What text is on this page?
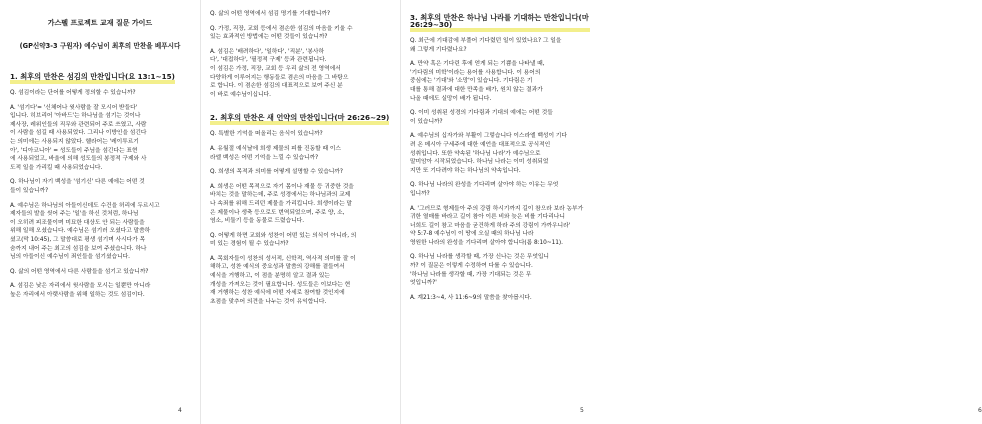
가스펠 프로젝트 교재 질문 가이드
(GP신약3-3 구원자) 예수님이 최후의 만찬을 베푸시다
1. 최후의 만찬은 섬김의 만찬입니다(요 13:1~15)
Q. 섬김이라는 단어를 어떻게 정의할 수 있습니까?
A. '섬기다'= '신체어나 윗사람을 잘 모시어 받들다'
입니다. 히브리어 '아바드'는 하나님을 섬기는 것이나
제사장, 레위인들의 직무와 관련되어 주로 쓰였고, 사람
이 사람을 섬길 때 사용되었다. 그리나 이방인을 섬긴다
는 의미에는 사용되지 않았다. 헬라어는 '레이투르기
아', '디아코니아' = 성도들이 주님을 섬긴다는 표현
에 사용되었고, 바울에 의해 성도들의 봉정적 구제와 사
도적 일을 가리킬 때 사용되었습니다.
Q. 하나님이 자기 백성을 '섬기신' 다른 예에는 어떤 것
들이 있습니까?
A. 예수님은 하나님의 아들이신데도 수건을 허리에 두르시고
제자들의 발을 씻어 주는 '일'을 하신 것처럼, 하나님
이 오히려 피조물이며 미묘한 대상도 안 되는 사람들을
위해 일해 오셨습니다. 예수님은 섬기러 오셨다고 말씀하
셨고(막 10:45), 그 말씀대로 평생 섬기며 사시다가 목
숨까지 내어 주는 최고의 섬김을 보여 주셨습니다. 하나
님의 아들이신 예수님이 죄인들을 섬기셨습니다.
Q. 삶의 어떤 영역에서 다른 사람들을 섬기고 있습니까?
A. 섬김은 낮은 자리에서 윗사람을 모시는 일뿐만 아니라
높은 자리에서 아랫사람을 위해 일하는 것도 섬김이다.
4
Q. 삶의 어떤 영역에서 섬김 명기를 기대합니까?
Q. 가정, 직장, 교회 등에서 겸손한 섬김의 마음을 키울 수
있는 효과적인 방법에는 어떤 것들이 있습니까?
A. 섬김은 '배려하다', '일하다', '직분', '봉사하
다', '대접하다', '필정적 구제' 등과 관련됩니다.
이 섬김은 가정, 직장, 교회 등 우리 삶의 전 영역에서
다양하게 이루어지는 행동들로 겸손의 마음을 그 바탕으
로 합니다. 이 겸손한 섬김의 대표적으로 보여 주신 분
이 바로 예수님이십니다.
2. 최후의 만찬은 새 언약의 만찬입니다(마 26:26~29)
Q. 특별한 기억을 떠올리는 음식이 있습니까?
A. 유월절 예식날에 희생 제물의 피를 진동할 때 이스
라엘 백성은 어떤 기억을 느낄 수 있습니까?
Q. 희생의 목적과 의미를 어떻게 설명할 수 있습니까?
A. 희생은 어떤 목적으로 자기 몸이나 재물 등 귀중한 것을
바치는 것을 말하는데, 주로 성경에서는 하나님과의 교제
나 속죄를 위해 드리던 제물을 가리킵니다. 희생이라는 말
은 제물이나 생축 등으로도 번역되었으며, 주로 양, 소,
염소, 비둘기 등을 동물로 드렸습니다.
Q. 어떻게 하면 교회와 성찬이 어떤 있는 의식이 아니라, 의
미 있는 경험이 될 수 있습니까?
A. 목회자들이 성찬의 성서적, 신학적, 역사적 의미를 잘 이
해하고, 성찬 예식의 중요성과 말씀의 강해를 곁들여서
예식을 거행하고, 이 점을 분명히 알고 결과 있는
개성을 가져오는 것이 필요합니다. 성도들은 이보다는 현
재 거행하는 성찬 예식에 어떤 자세로 참여할 것인지에
초점을 맞추어 의견을 나누는 것이 유익합니다.
5
3. 최후의 만찬은 하나님 나라를 기대하는 만찬입니다(마 26:29~30)
Q. 최근에 기대감에 부풀어 기다렸던 일이 있었나요? 그 일을
왜 그렇게 기다렸나요?
A. 만약 혹은 기다린 후에 얻게 되는 기쁨을 나타낼 때,
'기다림의 미학'이라는 용어를 사용합니다. 이 용어의
중심에는 '기대'와 '소망'이 있습니다. 기다림은 기
대를 통해 결과에 대한 만족을 배가, 원치 않는 결과가
나올 때에도 실망이 배가 됩니다.
Q. 이미 성취된 성경의 기다림과 기대의 예에는 어떤 것들
이 있습니까?
A. 예수님의 십자가와 부활이 그렇습니다 이스라엘 백성이 기다
려 온 메시아 구세주에 대한 예언을 대표적으로 공식적인
성취입니다. 또한 약속된 '하나님 나라'가 예수님으로
말미암아 시작되었습니다. 하나님 나라는 이미 성취되었
지만 또 기다려야 하는 하나님의 약속입니다.
Q. 하나님 나라의 완성을 기다리며 살아야 하는 이유는 무엇
입니까?
A. '그러므로 형제들아 주의 강림 하시기까지 길이 참으라 보라 농부가
귀한 열매를 바라고 길이 참아 이른 비와 늦은 비를 기다리나니
너희도 길이 참고 마음을 굳건하게 하라 주의 강림이 가까우니라'
약 5:7-8 예수님이 이 땅에 오실 때의 하나님 나라
영원한 나라의 완성을 기다리며 살아야 합니다(롬 8:10~11).
Q. 하나님 나라를 생각할 때, 가장 신나는 것은 무엇입니
까? 이 질문은 이렇게 수정하여 다룰 수 있습니다.
'하나님 나라를 생각할 때, 가장 기대되는 것은 무
엇입니까?'
A. 계21:3~4, 사 11:6~9의 말씀을 찾아봅시다.
6
